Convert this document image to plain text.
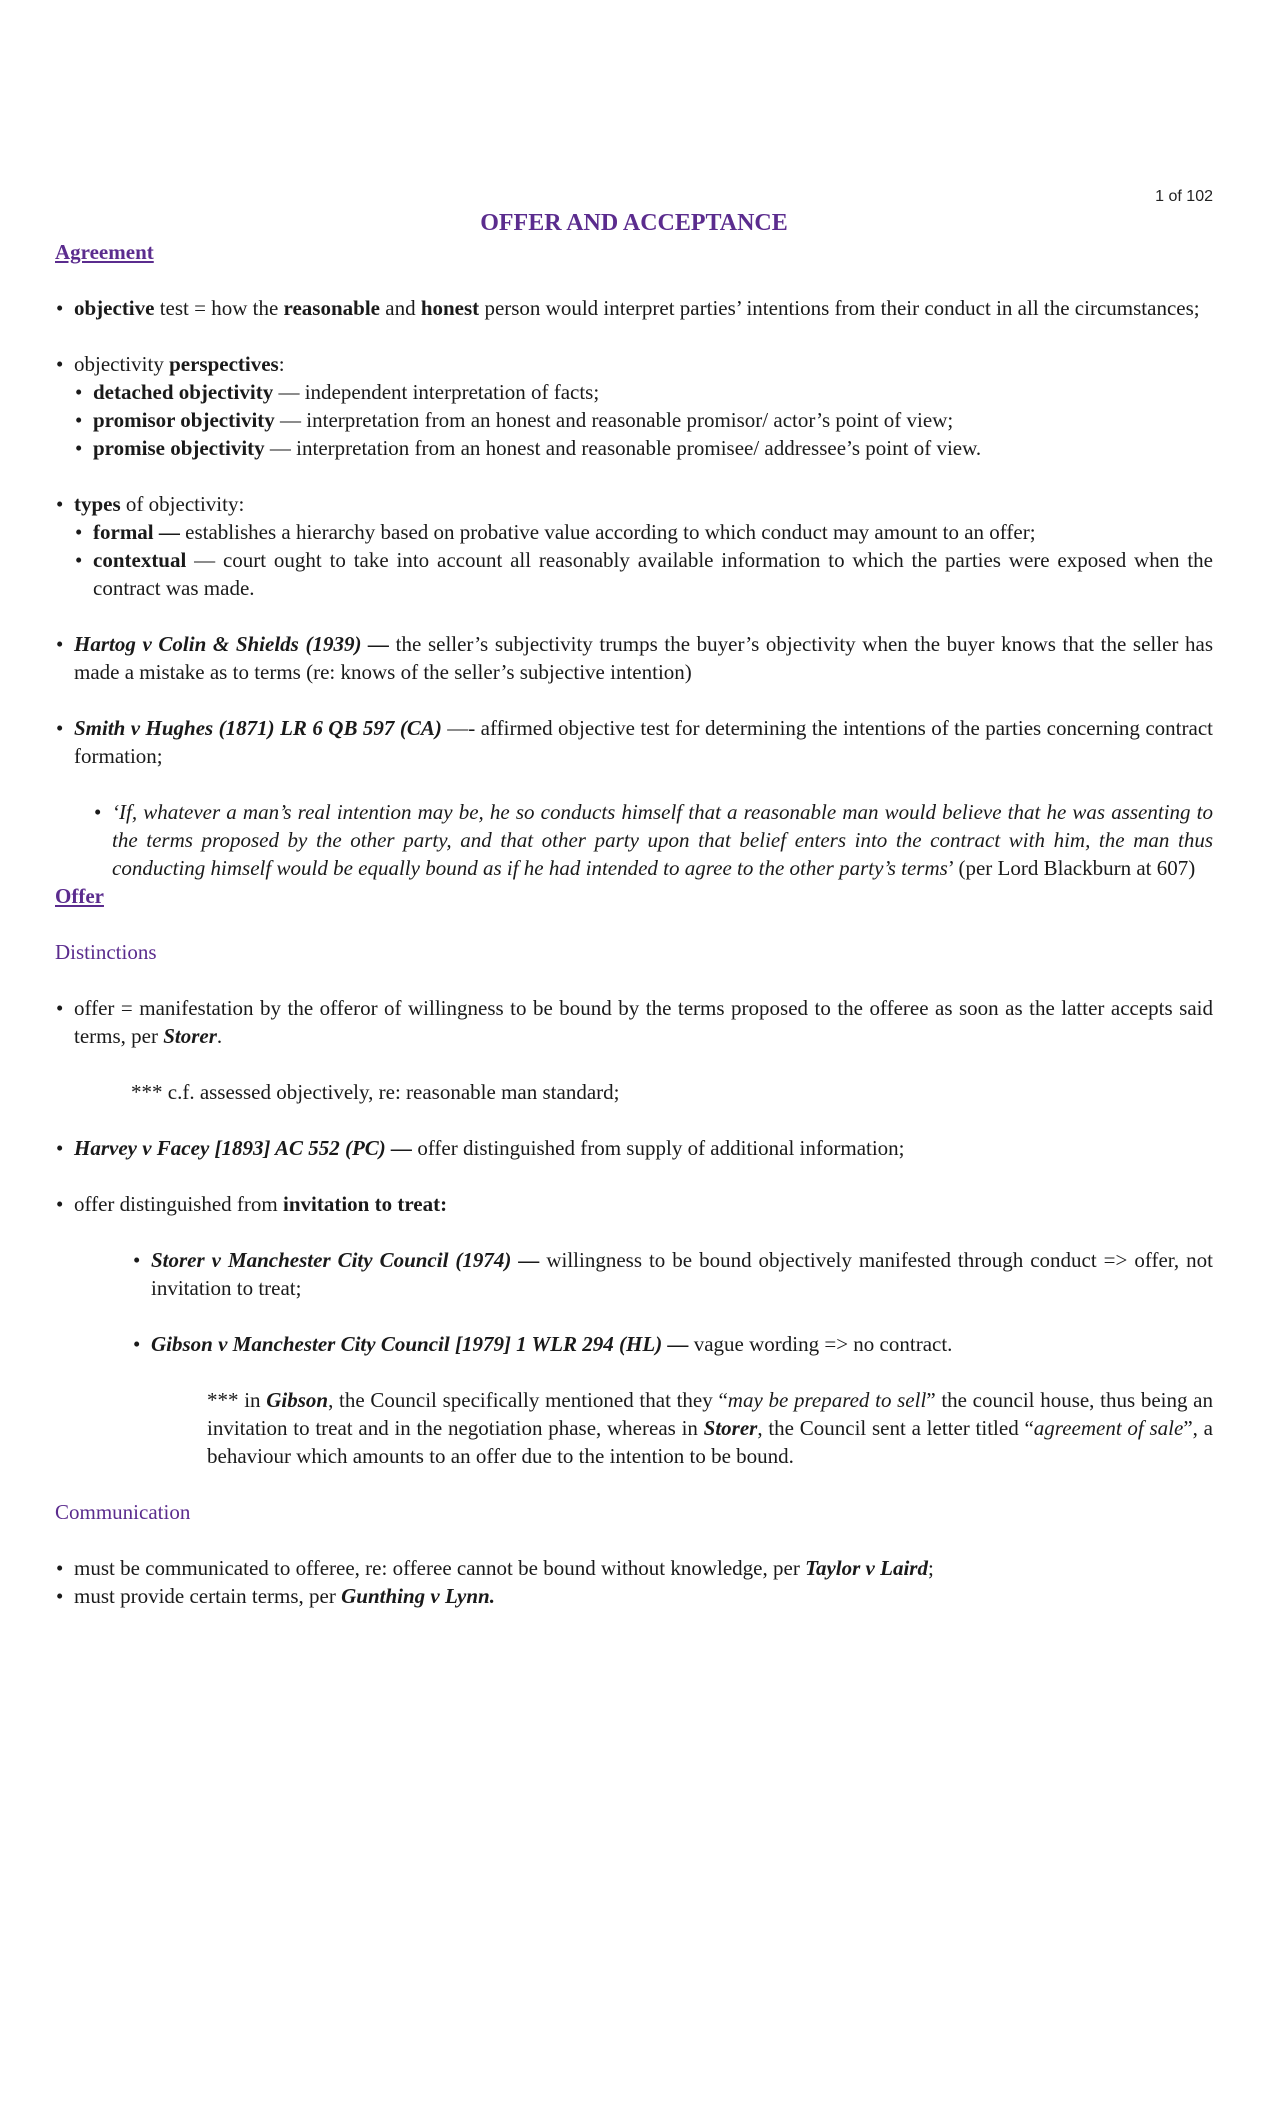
1 of 102
OFFER AND ACCEPTANCE
Agreement
• objective test = how the reasonable and honest person would interpret parties’ intentions from their conduct in all the circumstances;
• objectivity perspectives:
• detached objectivity — independent interpretation of facts;
• promisor objectivity — interpretation from an honest and reasonable promisor/ actor’s point of view;
• promise objectivity — interpretation from an honest and reasonable promisee/ addressee’s point of view.
• types of objectivity:
• formal — establishes a hierarchy based on probative value according to which conduct may amount to an offer;
• contextual — court ought to take into account all reasonably available information to which the parties were exposed when the contract was made.
• Hartog v Colin & Shields (1939) — the seller’s subjectivity trumps the buyer’s objectivity when the buyer knows that the seller has made a mistake as to terms (re: knows of the seller’s subjective intention)
• Smith v Hughes (1871) LR 6 QB 597 (CA) —- affirmed objective test for determining the intentions of the parties concerning contract formation;
• ‘If, whatever a man’s real intention may be, he so conducts himself that a reasonable man would believe that he was assenting to the terms proposed by the other party, and that other party upon that belief enters into the contract with him, the man thus conducting himself would be equally bound as if he had intended to agree to the other party’s terms’ (per Lord Blackburn at 607)
Offer
Distinctions
• offer = manifestation by the offeror of willingness to be bound by the terms proposed to the offeree as soon as the latter accepts said terms, per Storer.
*** c.f. assessed objectively, re: reasonable man standard;
• Harvey v Facey [1893] AC 552 (PC) — offer distinguished from supply of additional information;
• offer distinguished from invitation to treat:
• Storer v Manchester City Council (1974) — willingness to be bound objectively manifested through conduct => offer, not invitation to treat;
• Gibson v Manchester City Council [1979] 1 WLR 294 (HL) — vague wording => no contract.
*** in Gibson, the Council specifically mentioned that they “may be prepared to sell” the council house, thus being an invitation to treat and in the negotiation phase, whereas in Storer, the Council sent a letter titled “agreement of sale”, a behaviour which amounts to an offer due to the intention to be bound.
Communication
• must be communicated to offeree, re: offeree cannot be bound without knowledge, per Taylor v Laird;
• must provide certain terms, per Gunthing v Lynn.
